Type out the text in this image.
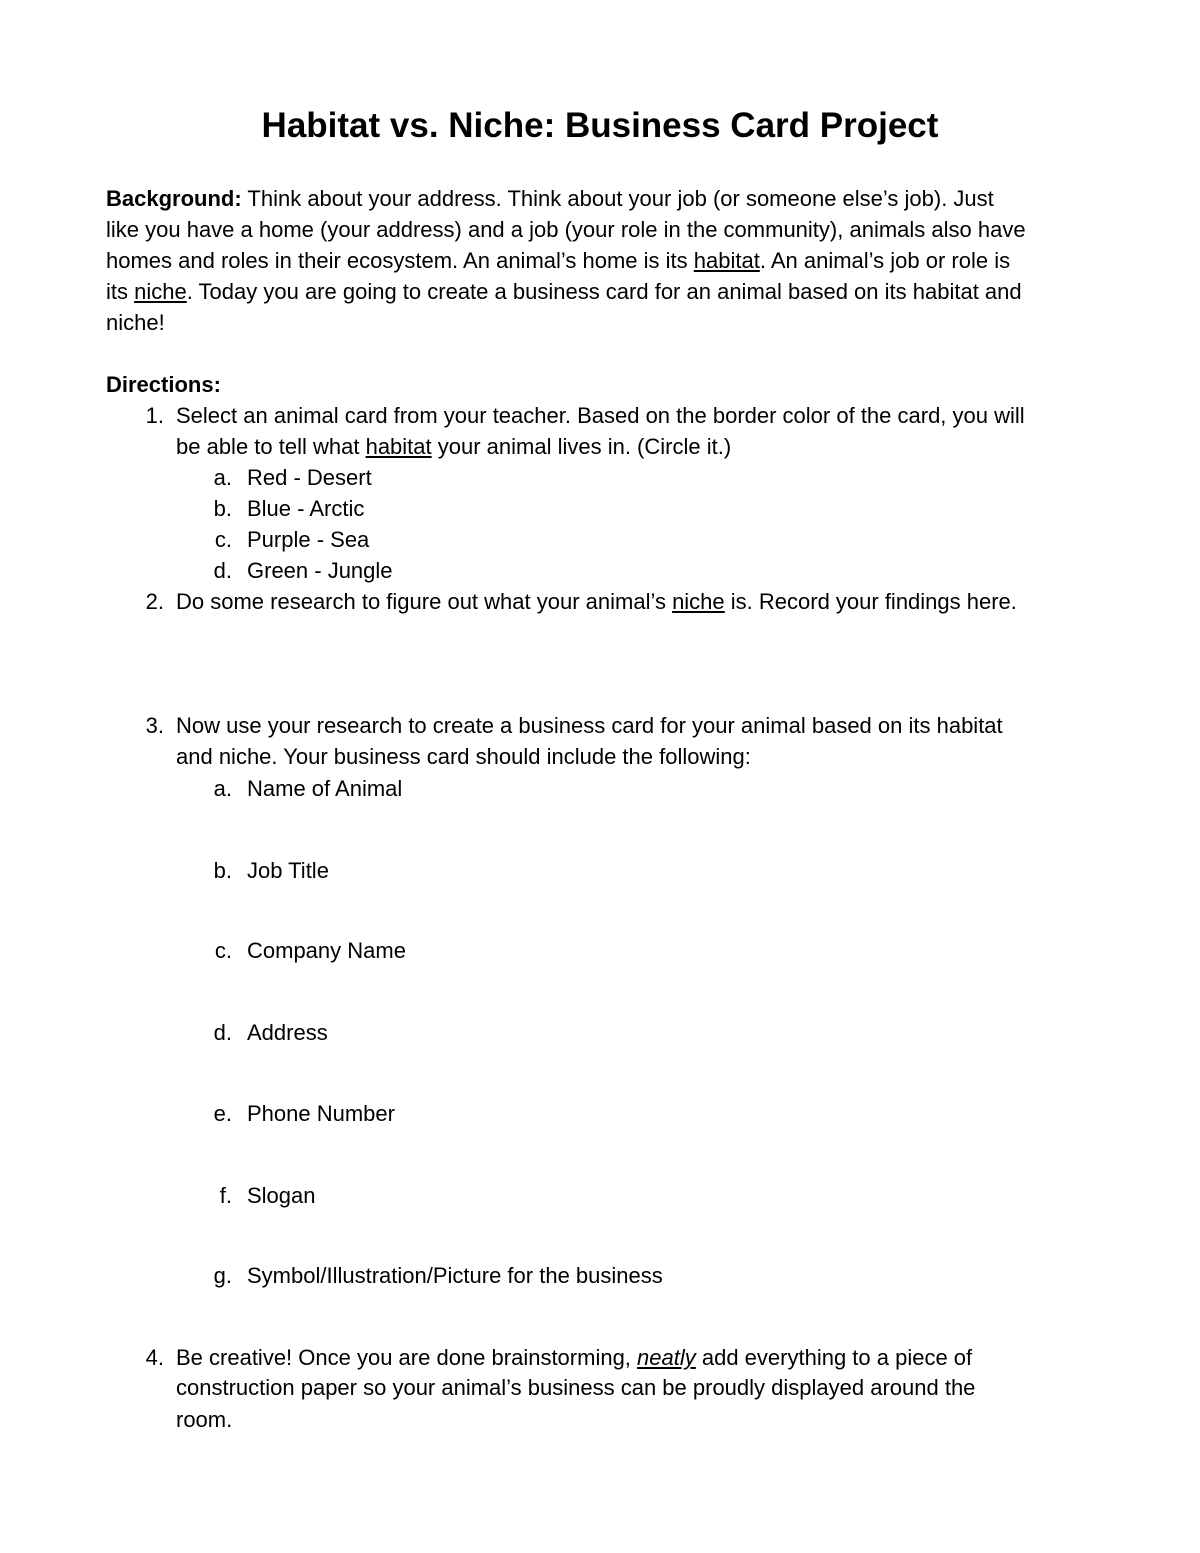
Habitat vs. Niche: Business Card Project
Background: Think about your address. Think about your job (or someone else’s job). Just
like you have a home (your address) and a job (your role in the community), animals also have
homes and roles in their ecosystem. An animal’s home is its habitat. An animal’s job or role is
its niche. Today you are going to create a business card for an animal based on its habitat and
niche!
Directions:
1. Select an animal card from your teacher. Based on the border color of the card, you will
be able to tell what habitat your animal lives in. (Circle it.)
a. Red - Desert
b. Blue - Arctic
c. Purple - Sea
d. Green - Jungle
2. Do some research to figure out what your animal’s niche is. Record your findings here.
3. Now use your research to create a business card for your animal based on its habitat
and niche. Your business card should include the following:
a. Name of Animal
b. Job Title
c. Company Name
d. Address
e. Phone Number
f. Slogan
g. Symbol/Illustration/Picture for the business
4. Be creative! Once you are done brainstorming, neatly add everything to a piece of
construction paper so your animal’s business can be proudly displayed around the
room.
